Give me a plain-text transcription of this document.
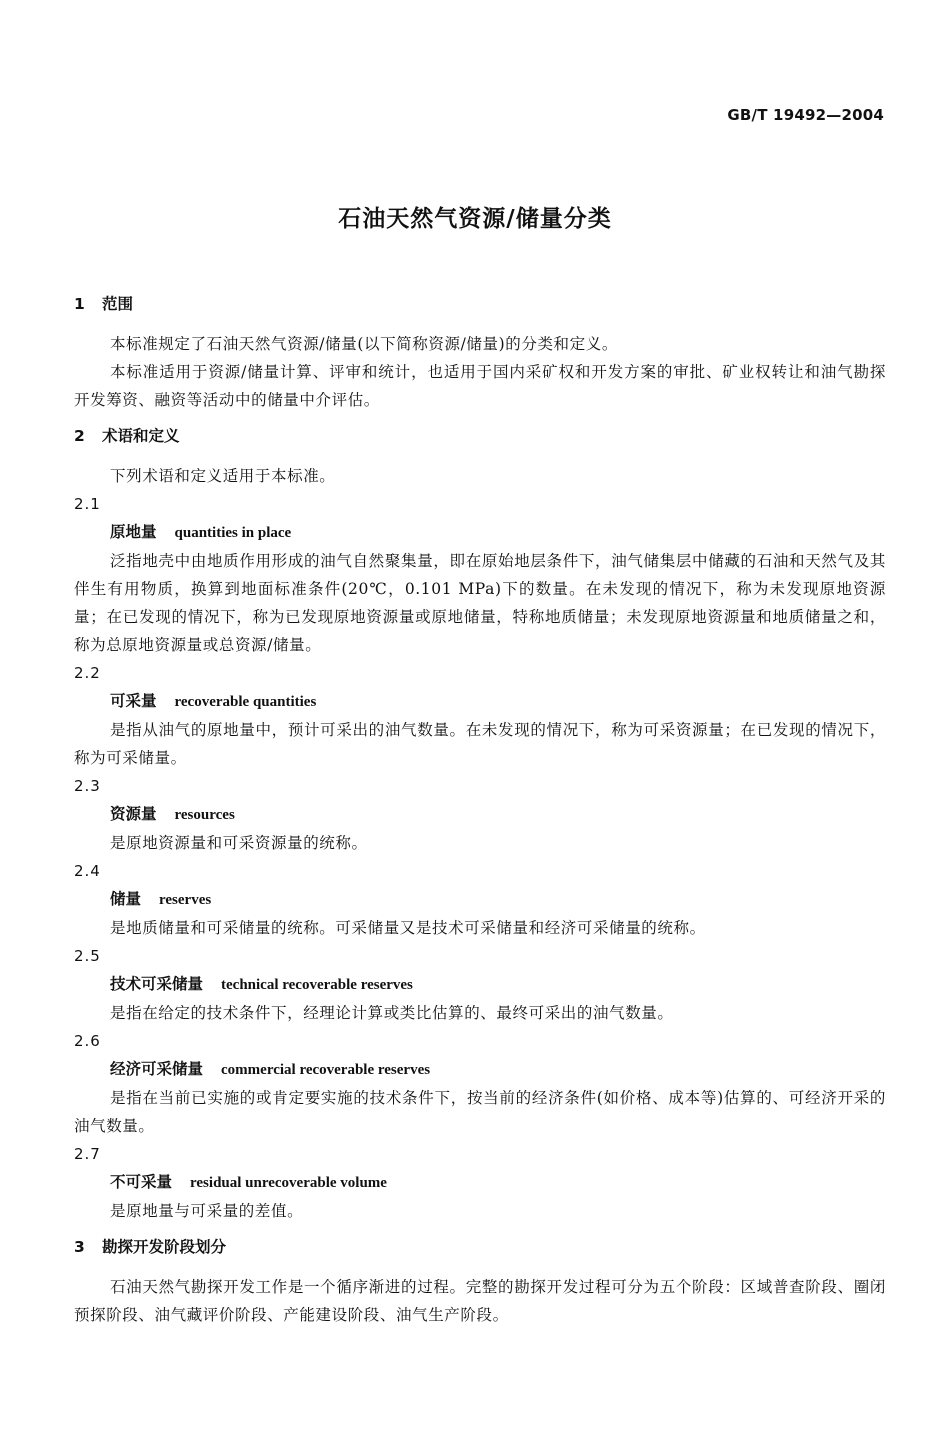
GB/T 19492—2004
石油天然气资源/储量分类
1 范围

本标准规定了石油天然气资源/储量(以下简称资源/储量)的分类和定义。

本标准适用于资源/储量计算、评审和统计，也适用于国内采矿权和开发方案的审批、矿业权转让和油气勘探开发筹资、融资等活动中的储量中介评估。

2 术语和定义

下列术语和定义适用于本标准。

2.1

原地量 quantities in place

泛指地壳中由地质作用形成的油气自然聚集量，即在原始地层条件下，油气储集层中储藏的石油和天然气及其伴生有用物质，换算到地面标准条件(20℃，0.101 MPa)下的数量。在未发现的情况下，称为未发现原地资源量；在已发现的情况下，称为已发现原地资源量或原地储量，特称地质储量；未发现原地资源量和地质储量之和，称为总原地资源量或总资源/储量。

2.2

可采量 recoverable quantities

是指从油气的原地量中，预计可采出的油气数量。在未发现的情况下，称为可采资源量；在已发现的情况下，称为可采储量。

2.3

资源量 resources

是原地资源量和可采资源量的统称。

2.4

储量 reserves

是地质储量和可采储量的统称。可采储量又是技术可采储量和经济可采储量的统称。

2.5

技术可采储量 technical recoverable reserves

是指在给定的技术条件下，经理论计算或类比估算的、最终可采出的油气数量。

2.6

经济可采储量 commercial recoverable reserves

是指在当前已实施的或肯定要实施的技术条件下，按当前的经济条件(如价格、成本等)估算的、可经济开采的油气数量。

2.7

不可采量 residual unrecoverable volume

是原地量与可采量的差值。

3 勘探开发阶段划分

石油天然气勘探开发工作是一个循序渐进的过程。完整的勘探开发过程可分为五个阶段：区域普查阶段、圈闭预探阶段、油气藏评价阶段、产能建设阶段、油气生产阶段。
